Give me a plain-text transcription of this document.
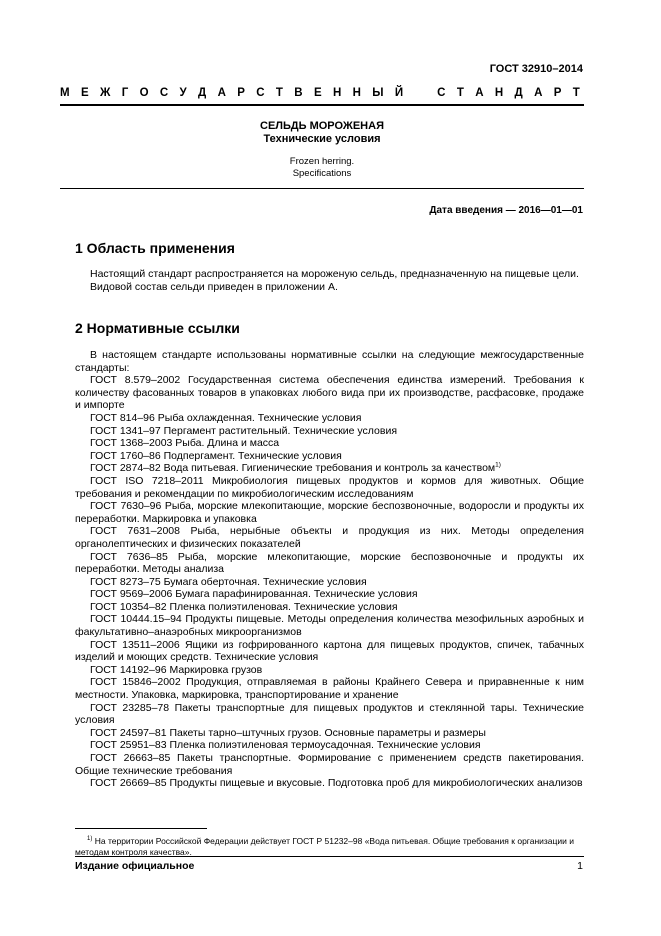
ГОСТ 32910–2014
М Е Ж Г О С У Д А Р С Т В Е Н Н Ы Й	С Т А Н Д А Р Т
СЕЛЬДЬ МОРОЖЕНАЯ
Технические условия
Frozen herring.
Specifications
Дата введения — 2016—01—01
1 Область применения

Настоящий стандарт распространяется на мороженую сельдь, предназначенную на пищевые цели.

Видовой состав сельди приведен в приложении А.

2 Нормативные ссылки

В настоящем стандарте использованы нормативные ссылки на следующие межгосударственные стандарты:

ГОСТ 8.579–2002 Государственная система обеспечения единства измерений. Требования к количеству фасованных товаров в упаковках любого вида при их производстве, расфасовке, продаже и импорте

ГОСТ 814–96 Рыба охлажденная. Технические условия

ГОСТ 1341–97 Пергамент растительный. Технические условия

ГОСТ 1368–2003 Рыба. Длина и масса

ГОСТ 1760–86 Подпергамент. Технические условия

ГОСТ 2874–82 Вода питьевая. Гигиенические требования и контроль за качеством$^{1)}$

ГОСТ ISO 7218–2011 Микробиология пищевых продуктов и кормов для животных. Общие требования и рекомендации по микробиологическим исследованиям

ГОСТ 7630–96 Рыба, морские млекопитающие, морские беспозвоночные, водоросли и продукты их переработки. Маркировка и упаковка

ГОСТ 7631–2008 Рыба, нерыбные объекты и продукция из них. Методы определения органолептических и физических показателей

ГОСТ 7636–85 Рыба, морские млекопитающие, морские беспозвоночные и продукты их переработки. Методы анализа

ГОСТ 8273–75 Бумага оберточная. Технические условия

ГОСТ 9569–2006 Бумага парафинированная. Технические условия

ГОСТ 10354–82 Пленка полиэтиленовая. Технические условия

ГОСТ 10444.15–94 Продукты пищевые. Методы определения количества мезофильных аэробных и факультативно–анаэробных микроорганизмов

ГОСТ 13511–2006 Ящики из гофрированного картона для пищевых продуктов, спичек, табачных изделий и моющих средств. Технические условия

ГОСТ 14192–96 Маркировка грузов

ГОСТ 15846–2002 Продукция, отправляемая в районы Крайнего Севера и приравненные к ним местности. Упаковка, маркировка, транспортирование и хранение

ГОСТ 23285–78 Пакеты транспортные для пищевых продуктов и стеклянной тары. Технические условия

ГОСТ 24597–81 Пакеты тарно–штучных грузов. Основные параметры и размеры

ГОСТ 25951–83 Пленка полиэтиленовая термоусадочная. Технические условия

ГОСТ 26663–85 Пакеты транспортные. Формирование с применением средств пакетирования. Общие технические требования

ГОСТ 26669–85 Продукты пищевые и вкусовые. Подготовка проб для микробиологических анализов

$^{1)}$ На территории Российской Федерации действует ГОСТ Р 51232–98 «Вода питьевая. Общие требования к организации и методам контроля качества».
Издание официальное	1
